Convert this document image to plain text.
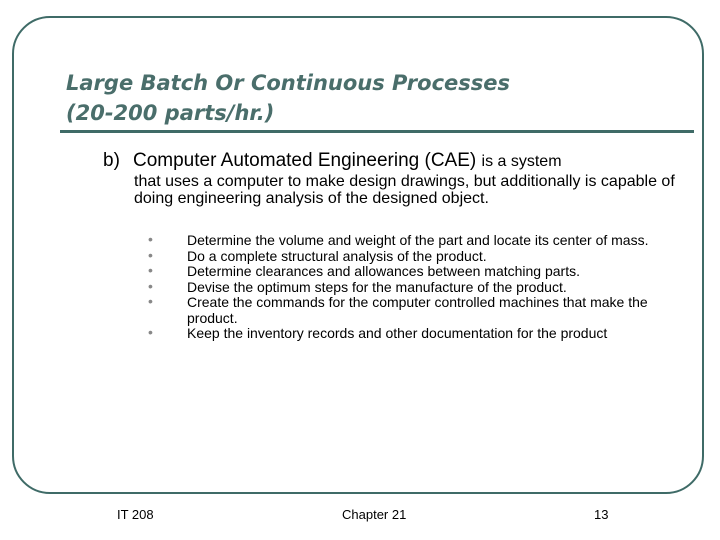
Large Batch Or Continuous Processes
(20-200 parts/hr.)
b) Computer Automated Engineering (CAE) is a system
that uses a computer to make design drawings, but additionally is capable of doing engineering analysis of the designed object.
•	Determine the volume and weight of the part and locate its center of mass.
•	Do a complete structural analysis of the product.
•	Determine clearances and allowances between matching parts.
•	Devise the optimum steps for the manufacture of the product.
•	Create the commands for the computer controlled machines that make the product.
•	Keep the inventory records and other documentation for the product
IT 208	Chapter 21	13
